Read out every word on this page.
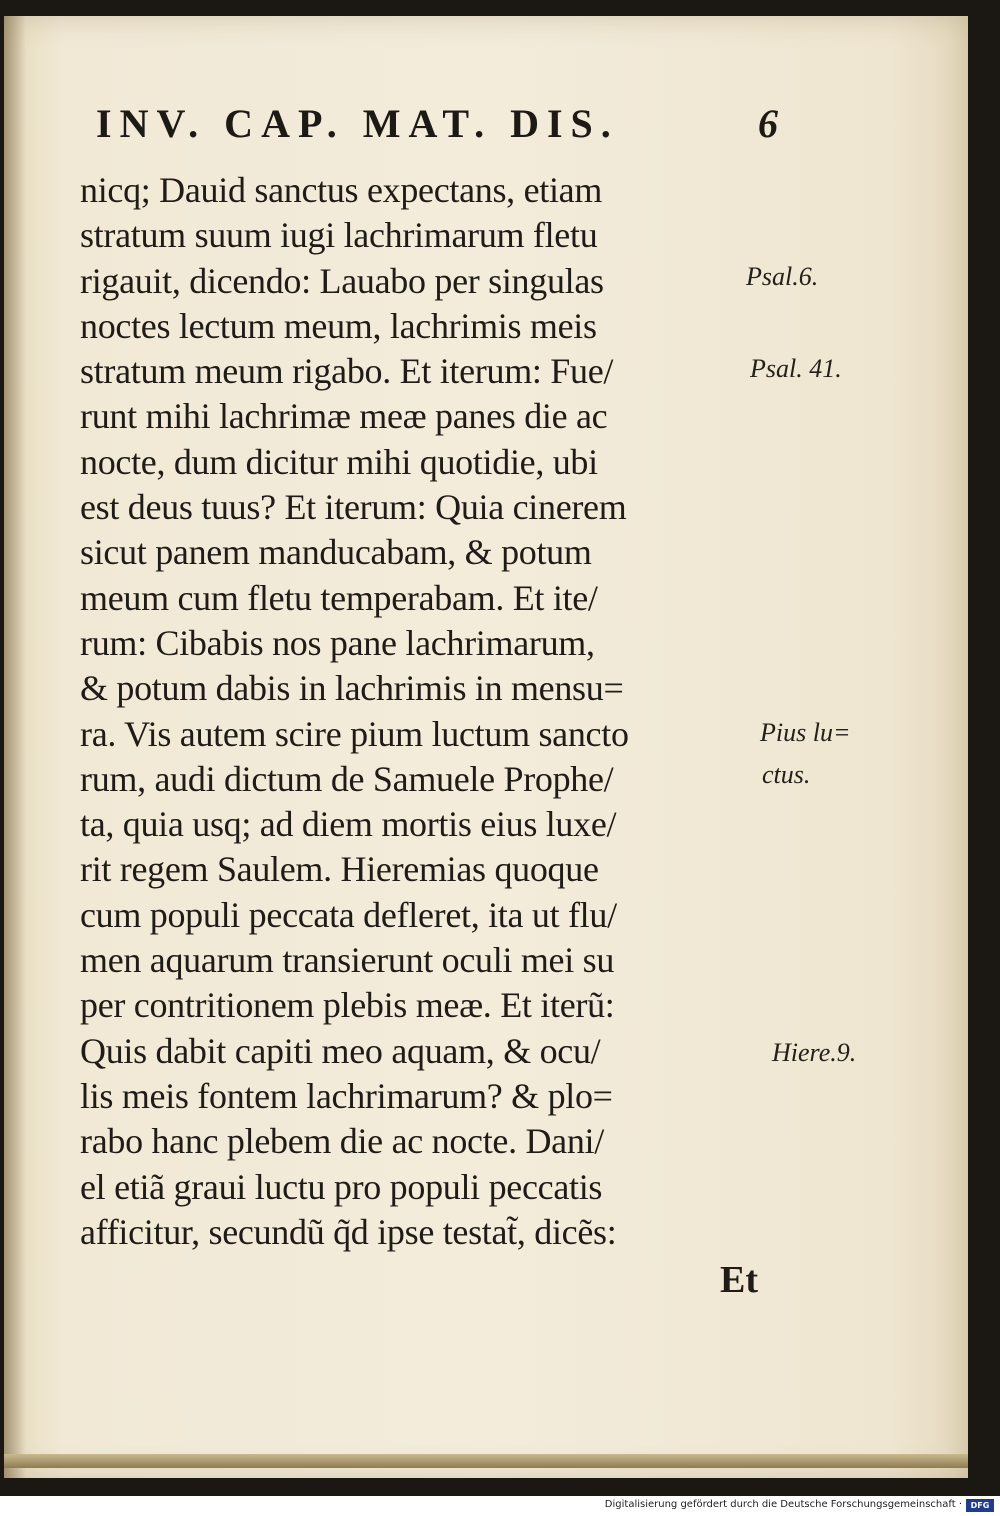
INV. CAP. MAT. DIS.	6
nicq; Dauid sanctus expectans, etiam
stratum suum iugi lachrimarum fletu
rigauit, dicendo: Lauabo per singulas
noctes lectum meum, lachrimis meis
stratum meum rigabo. Et iterum: Fue/
runt mihi lachrimæ meæ panes die ac
nocte, dum dicitur mihi quotidie, ubi
est deus tuus? Et iterum: Quia cinerem
sicut panem manducabam, & potum
meum cum fletu temperabam. Et ite/
rum: Cibabis nos pane lachrimarum,
& potum dabis in lachrimis in mensu=
ra. Vis autem scire pium luctum sancto
rum, audi dictum de Samuele Prophe/
ta, quia usq; ad diem mortis eius luxe/
rit regem Saulem. Hieremias quoque
cum populi peccata defleret, ita ut flu/
men aquarum transierunt oculi mei su
per contritionem plebis meæ. Et iterũ:
Quis dabit capiti meo aquam, & ocu/
lis meis fontem lachrimarum? & plo=
rabo hanc plebem die ac nocte. Dani/
el etiã graui luctu pro populi peccatis
afficitur, secundũ q̃d ipse testat̃, dicẽs:
Et
Psal.6.
Psal. 41.
Pius lu=
ctus.
Hiere.9.
Digitalisierung gefördert durch die Deutsche Forschungsgemeinschaft ·	DFG
